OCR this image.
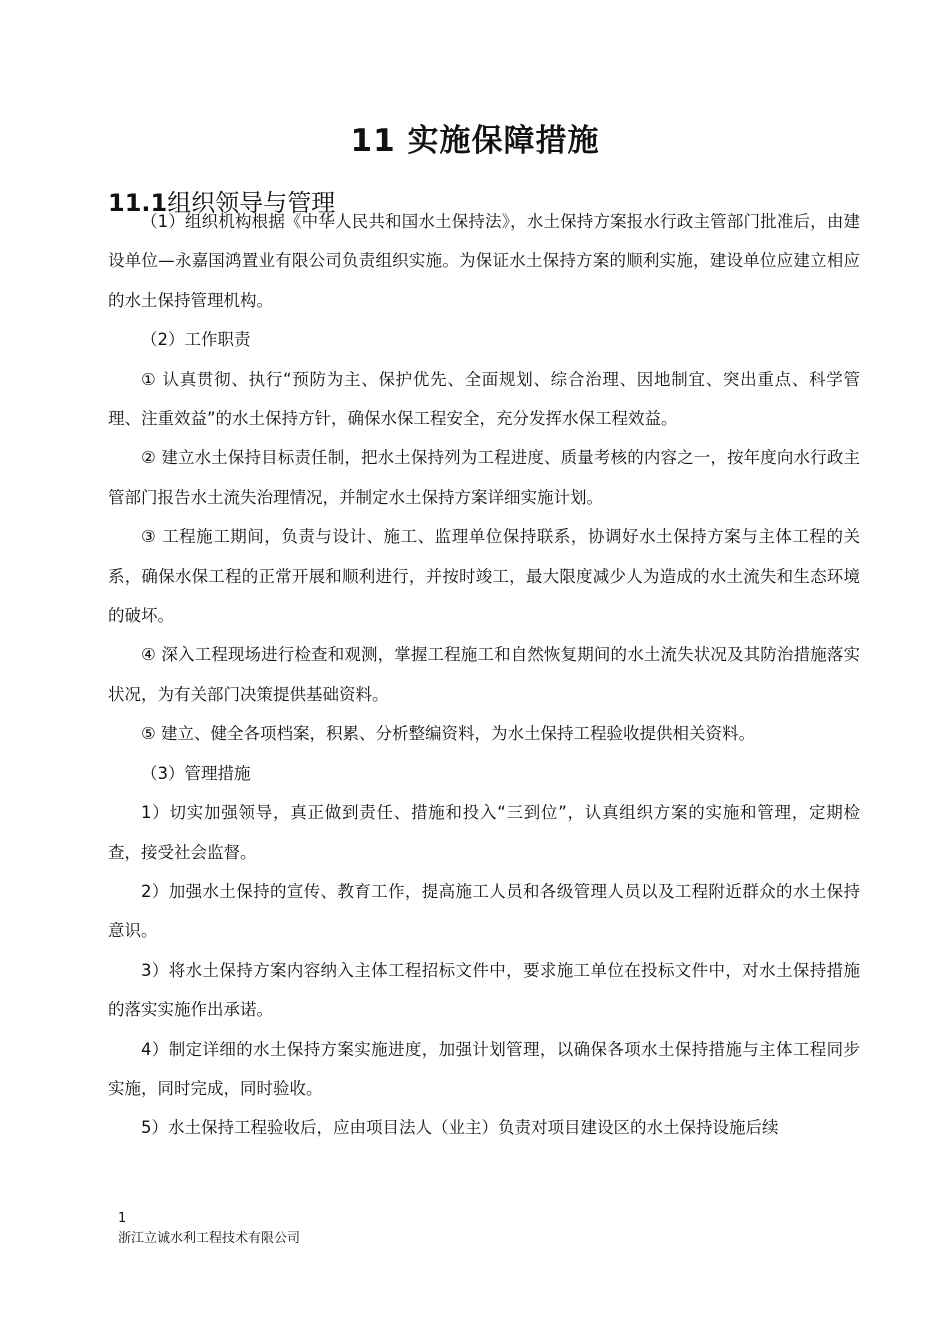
11 实施保障措施
11.1组织领导与管理

（1）组织机构根据《中华人民共和国水土保持法》，水土保持方案报水行政主管部门批准后，由建设单位—永嘉国鸿置业有限公司负责组织实施。为保证水土保持方案的顺利实施，建设单位应建立相应的水土保持管理机构。

（2）工作职责

① 认真贯彻、执行“预防为主、保护优先、全面规划、综合治理、因地制宜、突出重点、科学管理、注重效益”的水土保持方针，确保水保工程安全，充分发挥水保工程效益。

② 建立水土保持目标责任制，把水土保持列为工程进度、质量考核的内容之一，按年度向水行政主管部门报告水土流失治理情况，并制定水土保持方案详细实施计划。

③ 工程施工期间，负责与设计、施工、监理单位保持联系，协调好水土保持方案与主体工程的关系，确保水保工程的正常开展和顺利进行，并按时竣工，最大限度减少人为造成的水土流失和生态环境的破坏。

④ 深入工程现场进行检查和观测，掌握工程施工和自然恢复期间的水土流失状况及其防治措施落实状况，为有关部门决策提供基础资料。

⑤ 建立、健全各项档案，积累、分析整编资料，为水土保持工程验收提供相关资料。

（3）管理措施

1）切实加强领导，真正做到责任、措施和投入“三到位”，认真组织方案的实施和管理，定期检查，接受社会监督。

2）加强水土保持的宣传、教育工作，提高施工人员和各级管理人员以及工程附近群众的水土保持意识。

3）将水土保持方案内容纳入主体工程招标文件中，要求施工单位在投标文件中，对水土保持措施的落实实施作出承诺。

4）制定详细的水土保持方案实施进度，加强计划管理，以确保各项水土保持措施与主体工程同步实施，同时完成，同时验收。

5）水土保持工程验收后，应由项目法人（业主）负责对项目建设区的水土保持设施后续

1
浙江立诚水利工程技术有限公司
